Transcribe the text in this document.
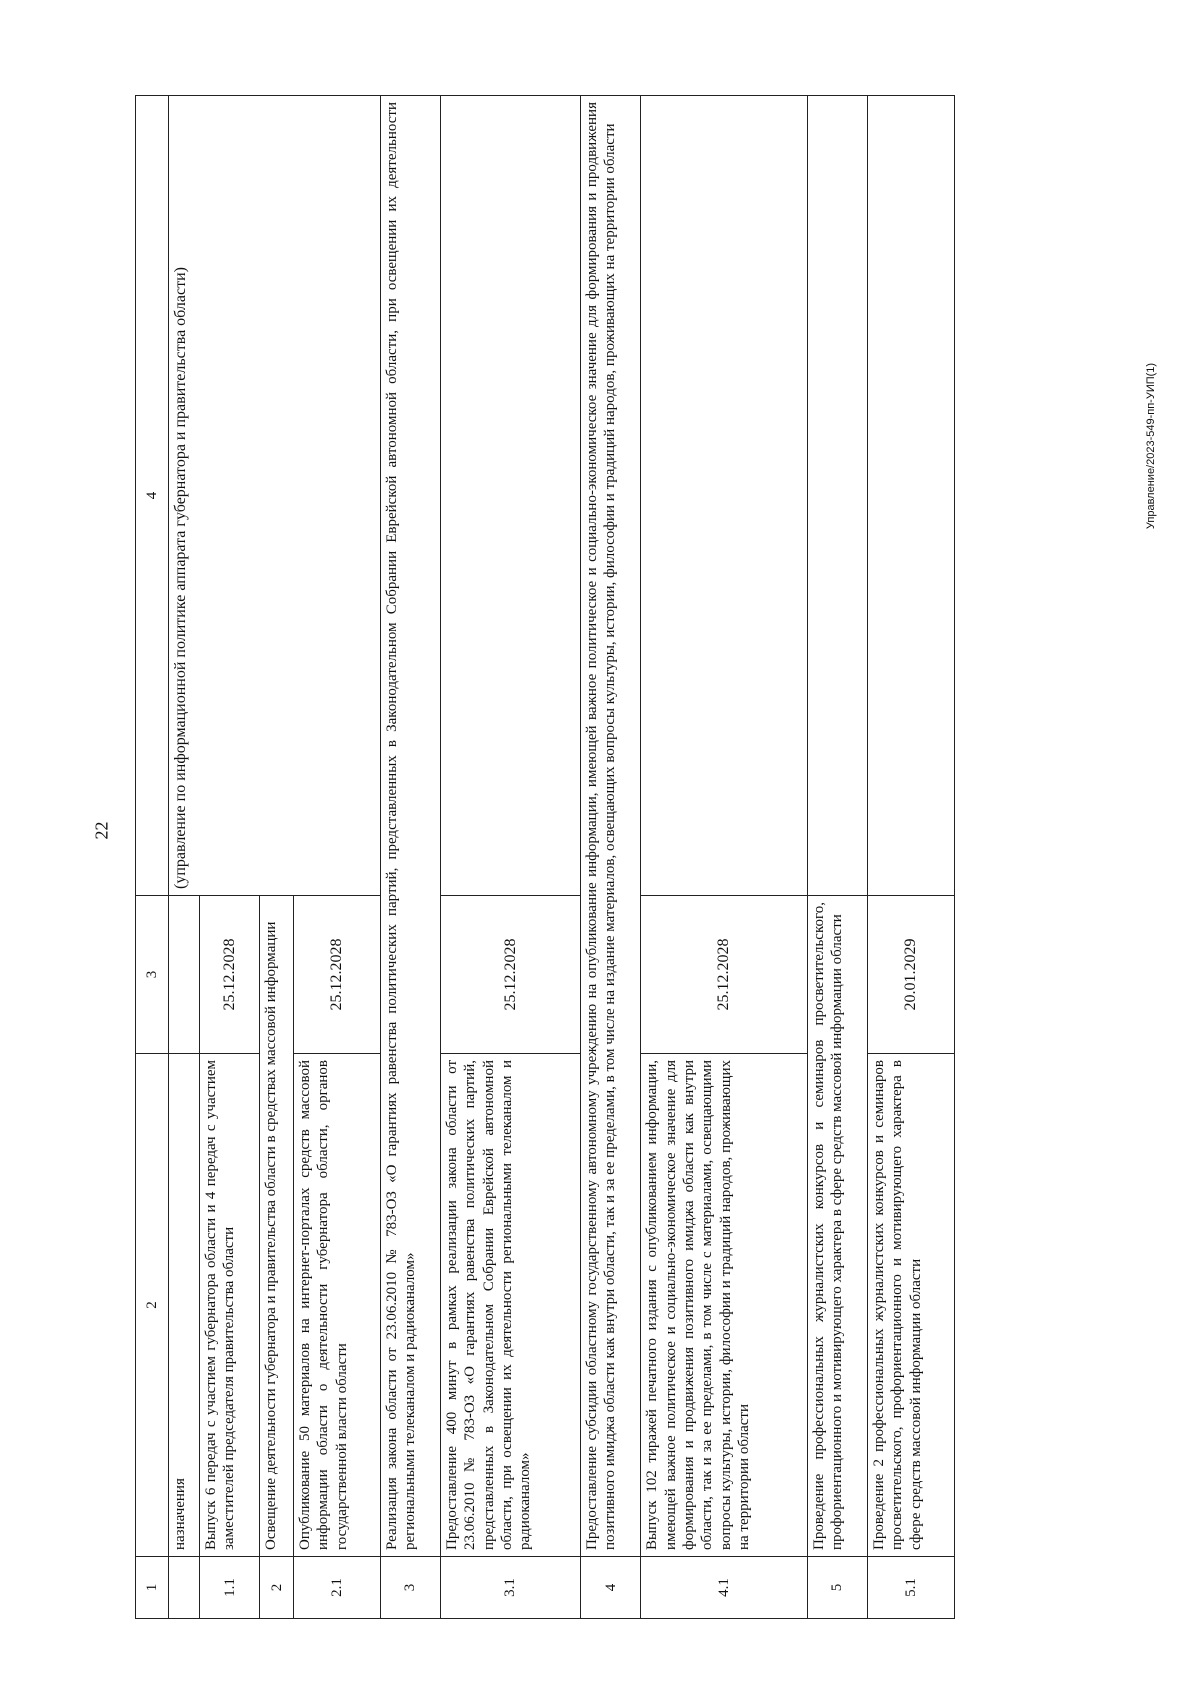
22
Управление/2023-549-пп-УИП(1)
1	2	3	4
	назначения		(управление по информационной политике аппарата губернатора и правительства области)
1.1	Выпуск 6 передач с участием губернатора области и 4 передач с участием заместителей председателя правительства области	25.12.2028	
2	Освещение деятельности губернатора и правительства области в средствах массовой информации		
2.1	Опубликование 50 материалов на интернет-порталах средств массовой информации области о деятельности губернатора области, органов государственной власти области	25.12.2028	
3	Реализация закона области от 23.06.2010 № 783-ОЗ «О гарантиях равенства политических партий, представленных в Законодательном Собрании Еврейской автономной области, при освещении их деятельности региональными телеканалом и радиоканалом»		
3.1	Предоставление 400 минут в рамках реализации закона области от 23.06.2010 № 783-ОЗ «О гарантиях равенства политических партий, представленных в Законодательном Собрании Еврейской автономной области, при освещении их деятельности региональными телеканалом и радиоканалом»	25.12.2028	
4	Предоставление субсидии областному государственному автономному учреждению на опубликование информации, имеющей важное политическое и социально-экономическое значение для формирования и продвижения позитивного имиджа области как внутри области, так и за ее пределами, в том числе на издание материалов, освещающих вопросы культуры, истории, философии и традиций народов, проживающих на территории области		
4.1	Выпуск 102 тиражей печатного издания с опубликованием информации, имеющей важное политическое и социально-экономическое значение для формирования и продвижения позитивного имиджа области как внутри области, так и за ее пределами, в том числе с материалами, освещающими вопросы культуры, истории, философии и традиций народов, проживающих на территории области	25.12.2028	
5	Проведение профессиональных журналистских конкурсов и семинаров просветительского, профориентационного и мотивирующего характера в сфере средств массовой информации области		
5.1	Проведение 2 профессиональных журналистских конкурсов и семинаров просветительского, профориентационного и мотивирующего характера в сфере средств массовой информации области	20.01.2029	
